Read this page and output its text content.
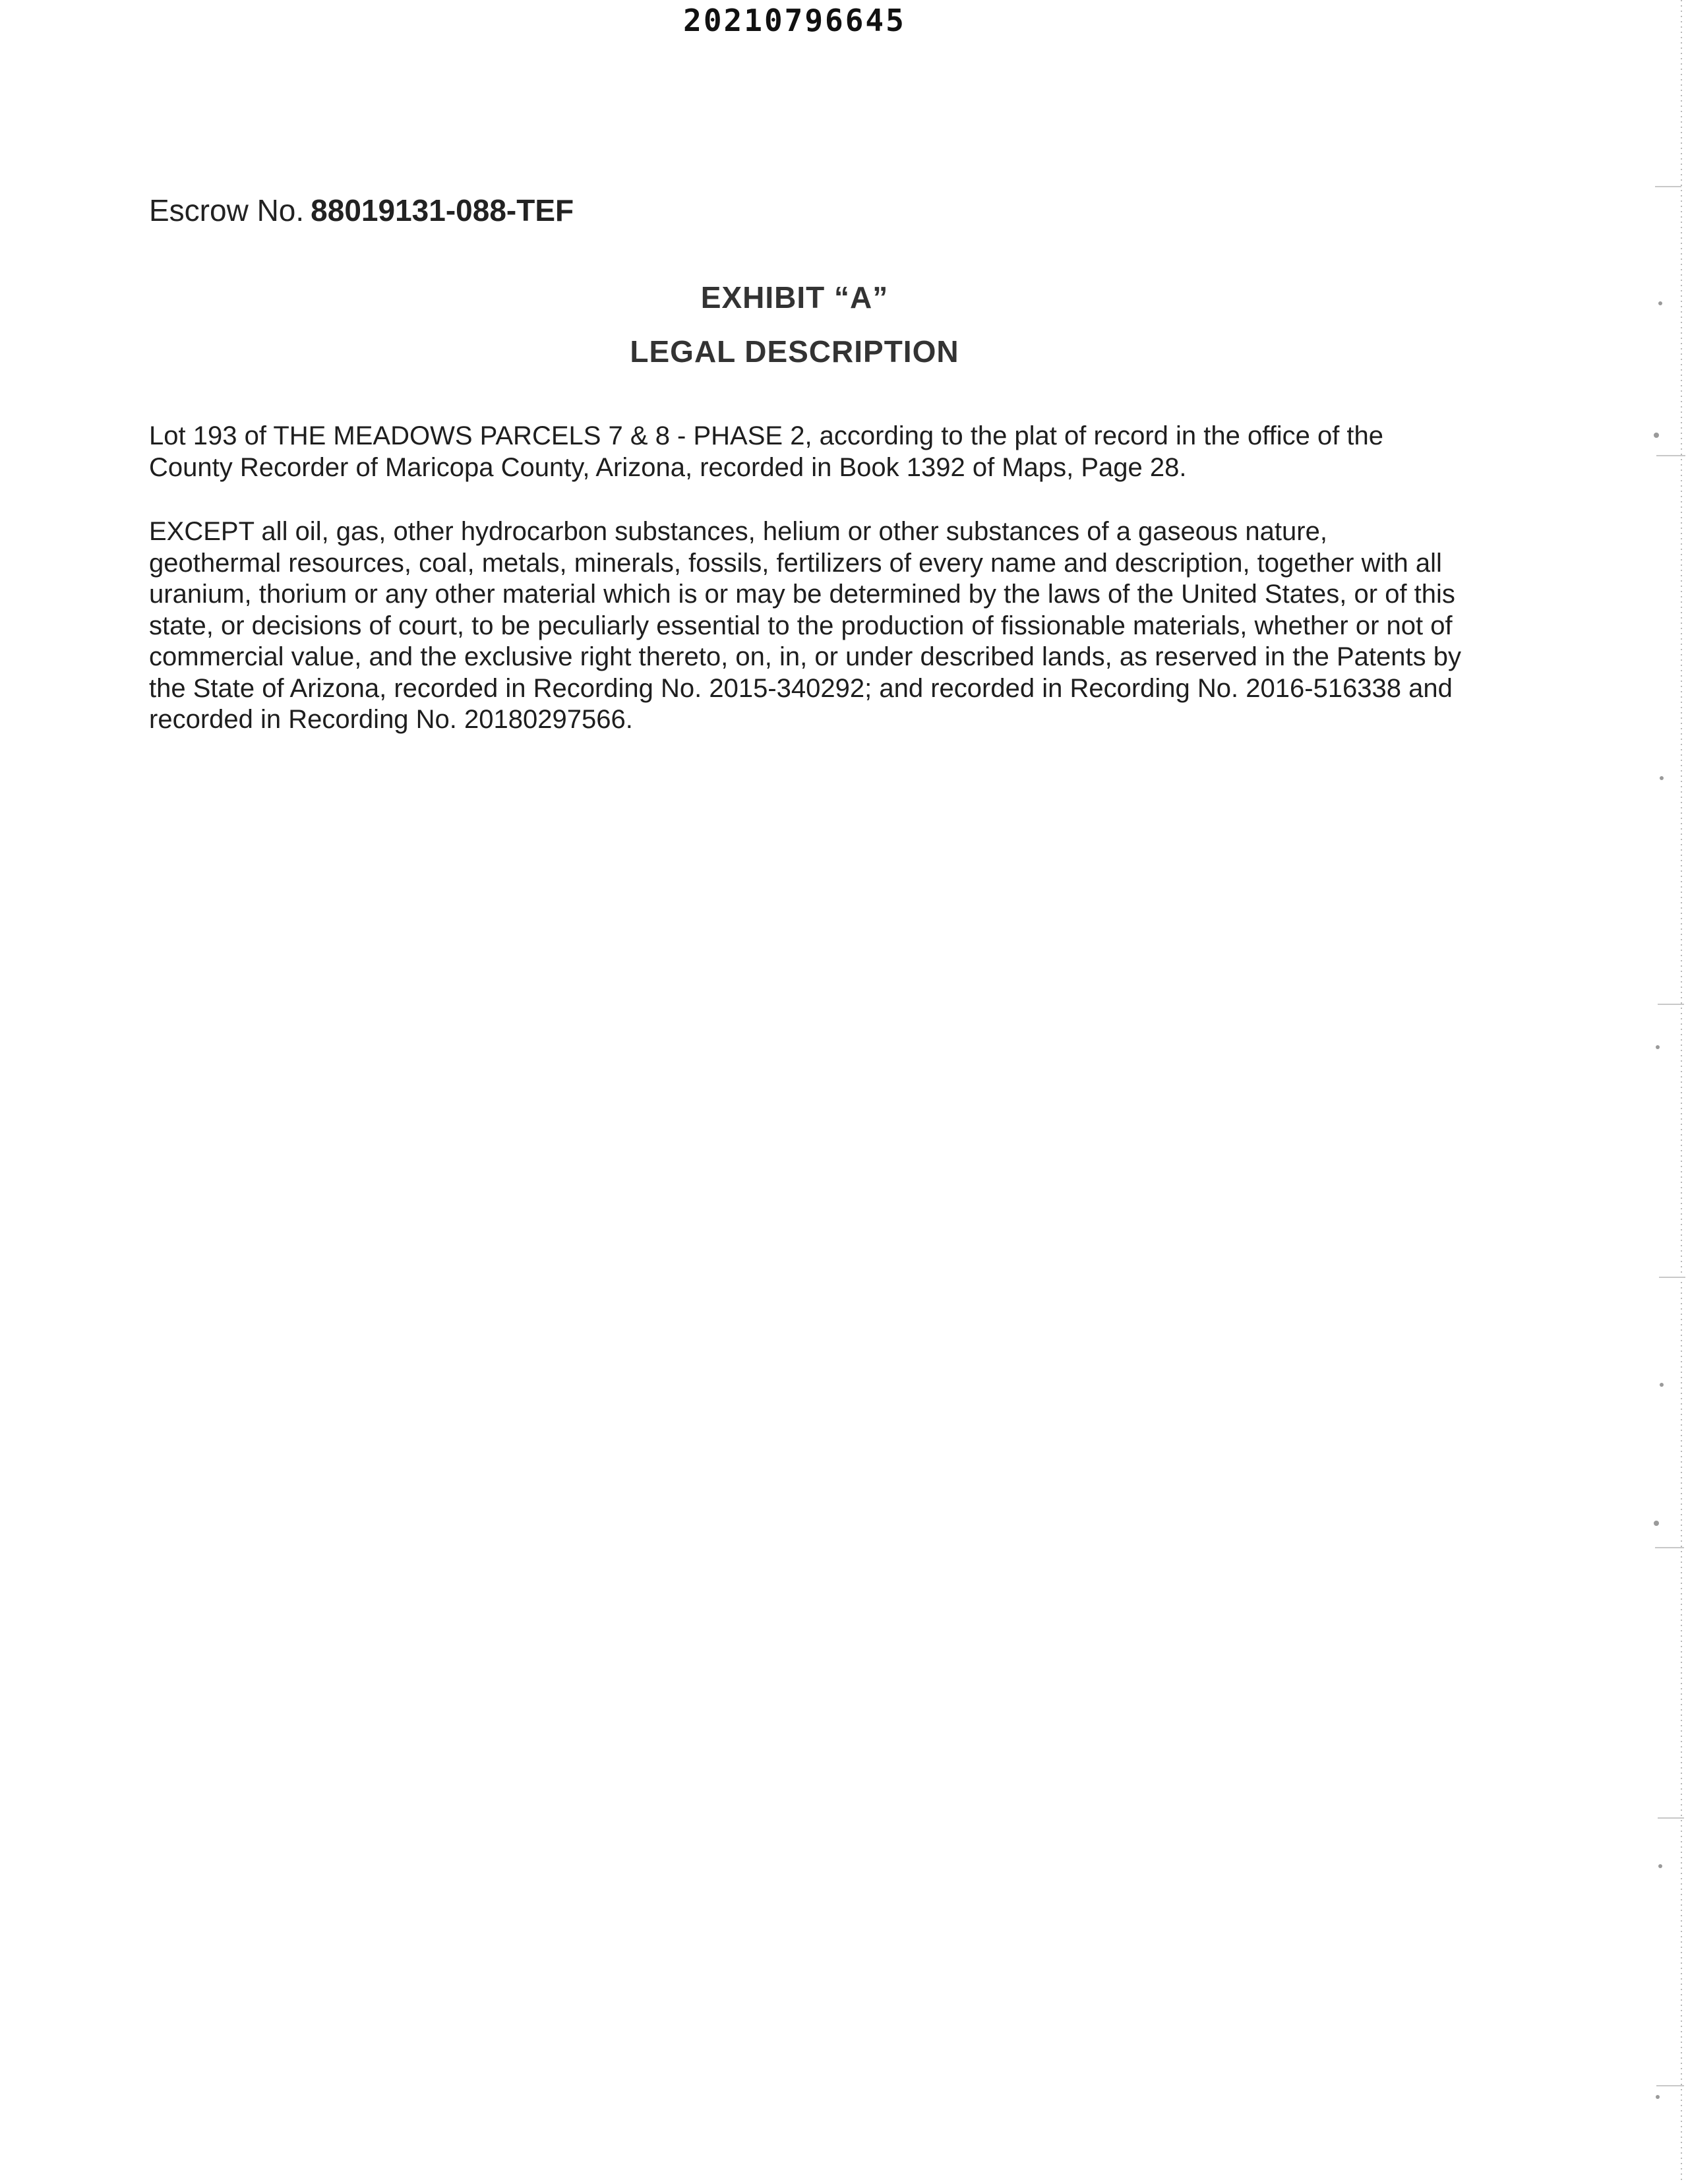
20210796645
Escrow No. 88019131-088-TEF
EXHIBIT “A”
LEGAL DESCRIPTION

Lot 193 of THE MEADOWS PARCELS 7 & 8 - PHASE 2, according to the plat of record in the office of the County Recorder of Maricopa County, Arizona, recorded in Book 1392 of Maps, Page 28.

EXCEPT all oil, gas, other hydrocarbon substances, helium or other substances of a gaseous nature, geothermal resources, coal, metals, minerals, fossils, fertilizers of every name and description, together with all uranium, thorium or any other material which is or may be determined by the laws of the United States, or of this state, or decisions of court, to be peculiarly essential to the production of fissionable materials, whether or not of commercial value, and the exclusive right thereto, on, in, or under described lands, as reserved in the Patents by the State of Arizona, recorded in Recording No. 2015-340292; and recorded in Recording No. 2016-516338 and recorded in Recording No. 20180297566.
